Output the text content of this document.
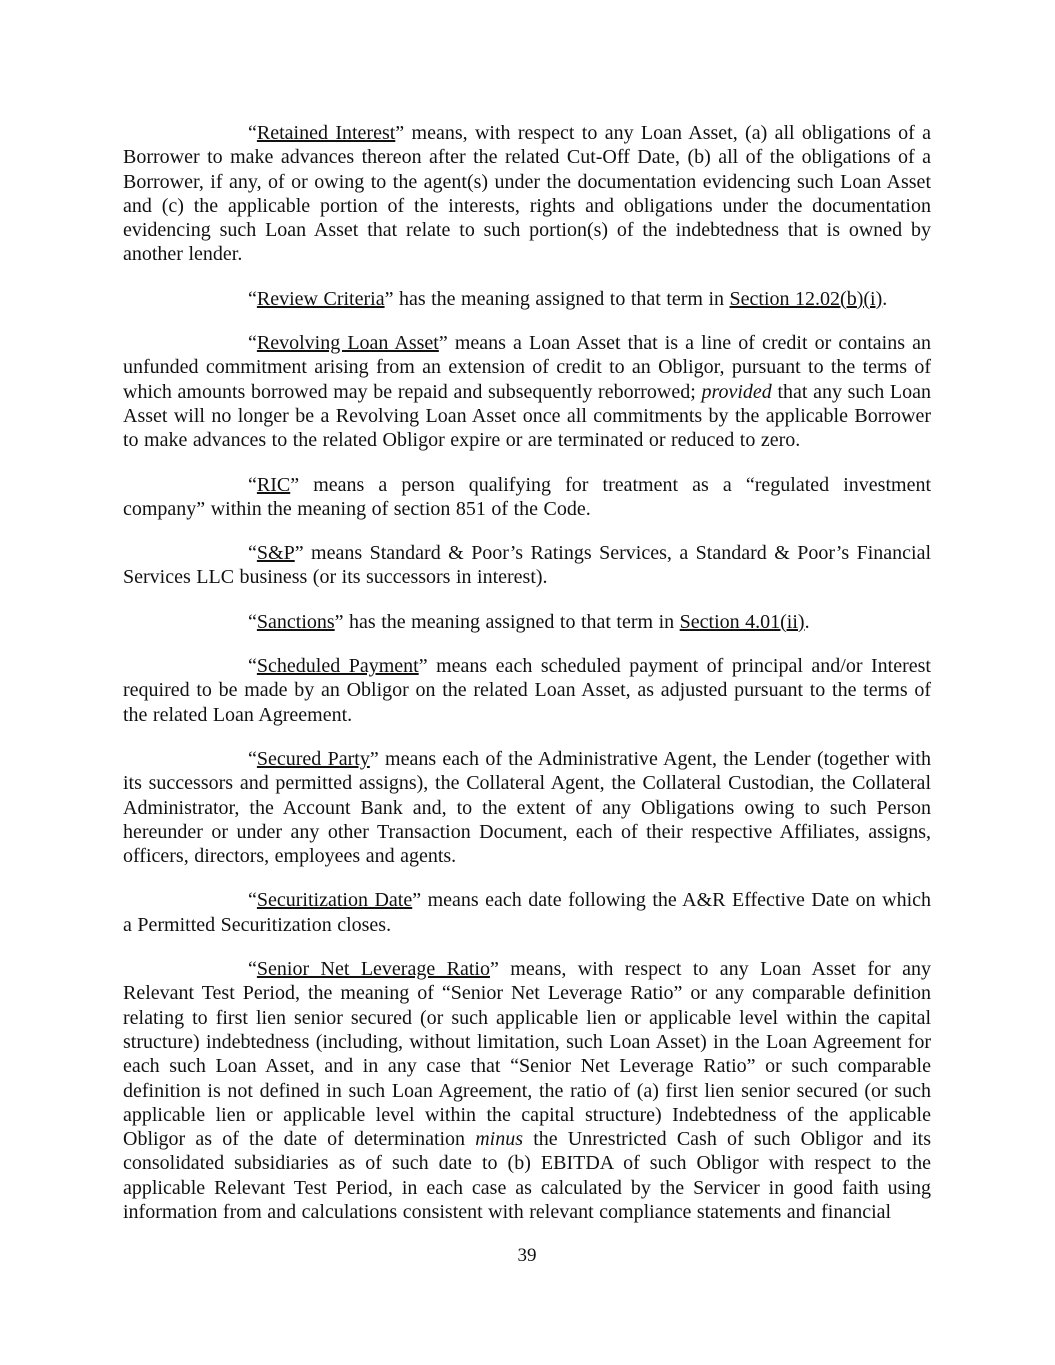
“Retained Interest” means, with respect to any Loan Asset, (a) all obligations of a Borrower to make advances thereon after the related Cut-Off Date, (b) all of the obligations of a Borrower, if any, of or owing to the agent(s) under the documentation evidencing such Loan Asset and (c) the applicable portion of the interests, rights and obligations under the documentation evidencing such Loan Asset that relate to such portion(s) of the indebtedness that is owned by another lender.

“Review Criteria” has the meaning assigned to that term in Section 12.02(b)(i).

“Revolving Loan Asset” means a Loan Asset that is a line of credit or contains an unfunded commitment arising from an extension of credit to an Obligor, pursuant to the terms of which amounts borrowed may be repaid and subsequently reborrowed; provided that any such Loan Asset will no longer be a Revolving Loan Asset once all commitments by the applicable Borrower to make advances to the related Obligor expire or are terminated or reduced to zero.

“RIC” means a person qualifying for treatment as a “regulated investment company” within the meaning of section 851 of the Code.

“S&P” means Standard & Poor’s Ratings Services, a Standard & Poor’s Financial Services LLC business (or its successors in interest).

“Sanctions” has the meaning assigned to that term in Section 4.01(ii).

“Scheduled Payment” means each scheduled payment of principal and/or Interest required to be made by an Obligor on the related Loan Asset, as adjusted pursuant to the terms of the related Loan Agreement.

“Secured Party” means each of the Administrative Agent, the Lender (together with its successors and permitted assigns), the Collateral Agent, the Collateral Custodian, the Collateral Administrator, the Account Bank and, to the extent of any Obligations owing to such Person hereunder or under any other Transaction Document, each of their respective Affiliates, assigns, officers, directors, employees and agents.

“Securitization Date” means each date following the A&R Effective Date on which a Permitted Securitization closes.

“Senior Net Leverage Ratio” means, with respect to any Loan Asset for any Relevant Test Period, the meaning of “Senior Net Leverage Ratio” or any comparable definition relating to first lien senior secured (or such applicable lien or applicable level within the capital structure) indebtedness (including, without limitation, such Loan Asset) in the Loan Agreement for each such Loan Asset, and in any case that “Senior Net Leverage Ratio” or such comparable definition is not defined in such Loan Agreement, the ratio of (a) first lien senior secured (or such applicable lien or applicable level within the capital structure) Indebtedness of the applicable Obligor as of the date of determination minus the Unrestricted Cash of such Obligor and its consolidated subsidiaries as of such date to (b) EBITDA of such Obligor with respect to the applicable Relevant Test Period, in each case as calculated by the Servicer in good faith using information from and calculations consistent with relevant compliance statements and financial

39
